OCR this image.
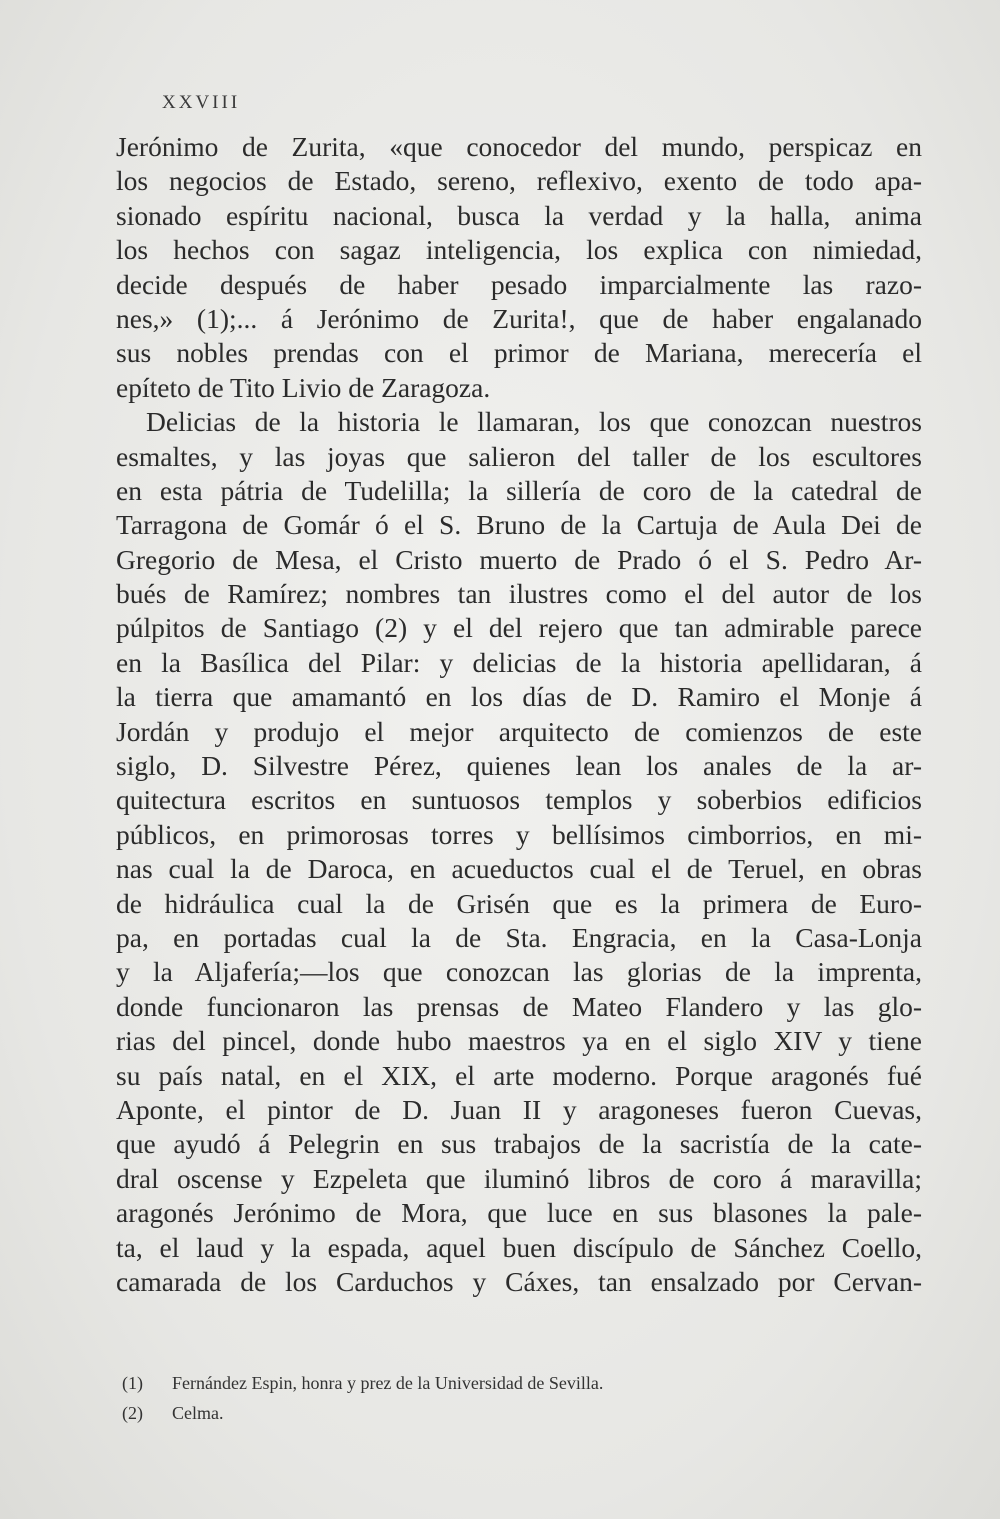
XXVIII
Jerónimo de Zurita, «que conocedor del mundo, perspicaz en
los negocios de Estado, sereno, reflexivo, exento de todo apa-
sionado espíritu nacional, busca la verdad y la halla, anima
los hechos con sagaz inteligencia, los explica con nimiedad,
decide después de haber pesado imparcialmente las razo-
nes,» (1);... á Jerónimo de Zurita!, que de haber engalanado
sus nobles prendas con el primor de Mariana, merecería el
epíteto de Tito Livio de Zaragoza.
Delicias de la historia le llamaran, los que conozcan nuestros
esmaltes, y las joyas que salieron del taller de los escultores
en esta pátria de Tudelilla; la sillería de coro de la catedral de
Tarragona de Gomár ó el S. Bruno de la Cartuja de Aula Dei de
Gregorio de Mesa, el Cristo muerto de Prado ó el S. Pedro Ar-
bués de Ramírez; nombres tan ilustres como el del autor de los
púlpitos de Santiago (2) y el del rejero que tan admirable parece
en la Basílica del Pilar: y delicias de la historia apellidaran, á
la tierra que amamantó en los días de D. Ramiro el Monje á
Jordán y produjo el mejor arquitecto de comienzos de este
siglo, D. Silvestre Pérez, quienes lean los anales de la ar-
quitectura escritos en suntuosos templos y soberbios edificios
públicos, en primorosas torres y bellísimos cimborrios, en mi-
nas cual la de Daroca, en acueductos cual el de Teruel, en obras
de hidráulica cual la de Grisén que es la primera de Euro-
pa, en portadas cual la de Sta. Engracia, en la Casa-Lonja
y la Aljafería;—los que conozcan las glorias de la imprenta,
donde funcionaron las prensas de Mateo Flandero y las glo-
rias del pincel, donde hubo maestros ya en el siglo XIV y tiene
su país natal, en el XIX, el arte moderno. Porque aragonés fué
Aponte, el pintor de D. Juan II y aragoneses fueron Cuevas,
que ayudó á Pelegrin en sus trabajos de la sacristía de la cate-
dral oscense y Ezpeleta que iluminó libros de coro á maravilla;
aragonés Jerónimo de Mora, que luce en sus blasones la pale-
ta, el laud y la espada, aquel buen discípulo de Sánchez Coello,
camarada de los Carduchos y Cáxes, tan ensalzado por Cervan-
(1) Fernández Espin, honra y prez de la Universidad de Sevilla.
(2) Celma.
